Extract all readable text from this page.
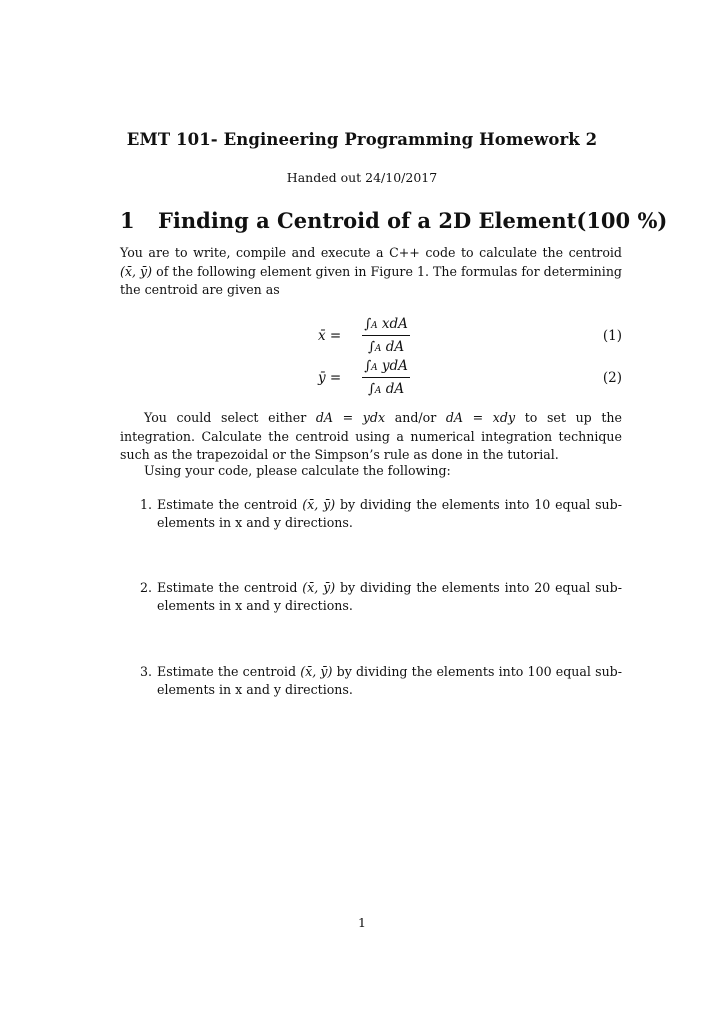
EMT 101- Engineering Programming Homework 2
Handed out 24/10/2017
1 Finding a Centroid of a 2D Element(100 %)
You are to write, compile and execute a C++ code to calculate the centroid (x̄, ȳ) of the following element given in Figure 1. The formulas for determining the centroid are given as
x̄ =
∫A xdA
∫A dA
(1)
ȳ =
∫A ydA
∫A dA
(2)
You could select either dA = ydx and/or dA = xdy to set up the integration. Calculate the centroid using a numerical integration technique such as the trapezoidal or the Simpson’s rule as done in the tutorial.
Using your code, please calculate the following:
1. Estimate the centroid (x̄, ȳ) by dividing the elements into 10 equal sub-elements in x and y directions.
2. Estimate the centroid (x̄, ȳ) by dividing the elements into 20 equal sub-elements in x and y directions.
3. Estimate the centroid (x̄, ȳ) by dividing the elements into 100 equal sub-elements in x and y directions.
1
